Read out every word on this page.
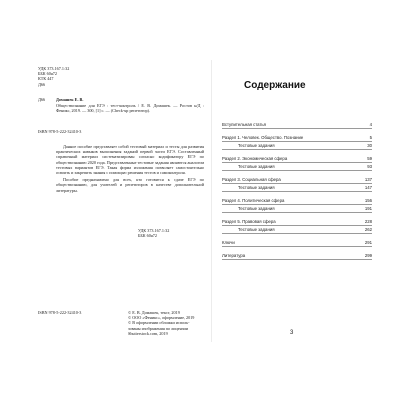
УДК 373.167.1:32
ББК 60я72
КТК 447
Д66
Д66	Домашек Е. В.
Обществознание для ЕГЭ : тест-контроль / Е. В. Домашек. — Ростов н/Д : Феникс, 2019. — 300, [1] с. — (Check-up репетитор).
ISBN 978-5-222-32410-3

Данное пособие представляет собой тестовый материал и тесты для развития практических навыков выполнения заданий первой части ЕГЭ. Составленный справочный материал систематизирован согласно кодификатору ЕГЭ по обществознанию 2020 года. Представленные тестовые задания являются аналогом тестовых вариантов ЕГЭ. Такая форма изложения позволяет самостоятельно освоить и закрепить знания с помощью решения тестов и самоконтроля.

Пособие предназначено для всех, кто готовится к сдаче ЕГЭ по обществознанию, для учителей и репетиторов в качестве дополнительной литературы.

УДК 373.167.1:32
ББК 60я72
ISBN 978-5-222-32410-3	© Е. В. Домашек, текст, 2019
© ООО «Феникс», оформление, 2019
© В оформлении обложки исполь-
зованы изображения по лицензии
Shutterstock.com, 2019
Содержание
Вступительная статья	4
Раздел 1. Человек. Общество. Познание	5
Тестовые задания	30
Раздел 2. Экономическая сфера	59
Тестовые задания	93
Раздел 3. Социальная сфера	137
Тестовые задания	147
Раздел 4. Политическая сфера	156
Тестовые задания	191
Раздел 5. Правовая сфера	228
Тестовые задания	262
Ключи	291
Литература	299
3
